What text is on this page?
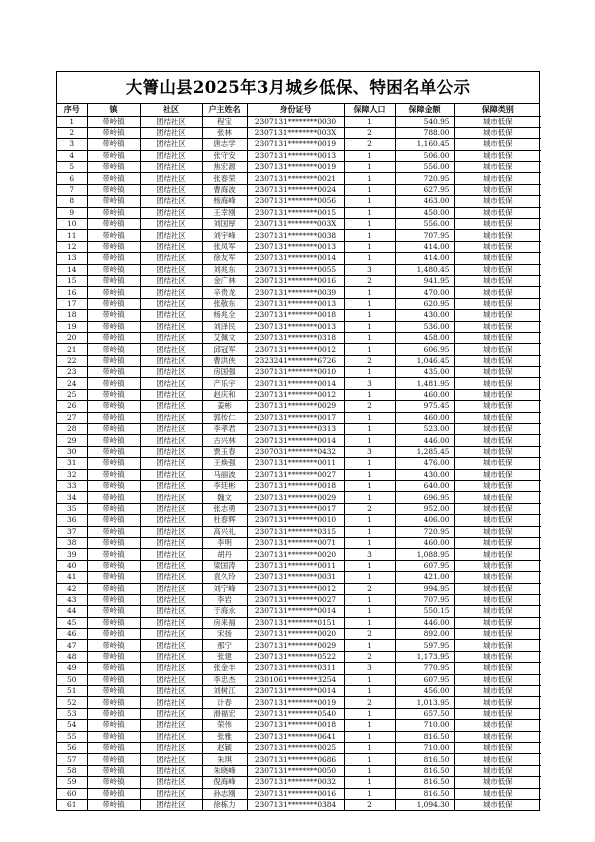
大箐山县2025年3月城乡低保、特困名单公示
序号	镇	社区	户主姓名	身份证号	保障人口	保障金额	保障类别
1	带岭镇	团结社区	程宝	2307131********0030	1	540.95	城市低保
2	带岭镇	团结社区	张林	2307131********003X	2	788.00	城市低保
3	带岭镇	团结社区	唐志学	2307131********0019	2	1,160.45	城市低保
4	带岭镇	团结社区	张守安	2307131********0013	1	506.00	城市低保
5	带岭镇	团结社区	焦宏源	2307131********0019	1	556.00	城市低保
6	带岭镇	团结社区	张春荣	2307131********0021	1	720.95	城市低保
7	带岭镇	团结社区	曹海波	2307131********0024	1	627.95	城市低保
8	带岭镇	团结社区	杨海峰	2307131********0056	1	463.00	城市低保
9	带岭镇	团结社区	王幸刚	2307131********0015	1	450.00	城市低保
10	带岭镇	团结社区	刘国厚	2307131********003X	1	556.00	城市低保
11	带岭镇	团结社区	刘宇峰	2307131********0038	1	707.95	城市低保
12	带岭镇	团结社区	张凤军	2307131********0013	1	414.00	城市低保
13	带岭镇	团结社区	徐友军	2307131********0014	1	414.00	城市低保
14	带岭镇	团结社区	刘兆东	2307131********0055	3	1,480.45	城市低保
15	带岭镇	团结社区	金广林	2307131********0016	2	941.95	城市低保
16	带岭镇	团结社区	辛贵龙	2307131********0039	1	470.00	城市低保
17	带岭镇	团结社区	张敬东	2307131********0013	1	620.95	城市低保
18	带岭镇	团结社区	杨兆全	2307131********0018	1	430.00	城市低保
19	带岭镇	团结社区	刘泽民	2307131********0013	1	536.00	城市低保
20	带岭镇	团结社区	艾佩文	2307131********0318	1	458.00	城市低保
21	带岭镇	团结社区	邱冠军	2307131********0012	1	606.95	城市低保
22	带岭镇	团结社区	曹洪侠	2323241********6726	2	1,046.45	城市低保
23	带岭镇	团结社区	房国强	2307131********0010	1	435.00	城市低保
24	带岭镇	团结社区	产乐宇	2307131********0014	3	1,481.95	城市低保
25	带岭镇	团结社区	赵庆和	2307131********0012	1	460.00	城市低保
26	带岭镇	团结社区	姜彬	2307131********0029	2	975.45	城市低保
27	带岭镇	团结社区	郭传仁	2307131********0017	1	460.00	城市低保
28	带岭镇	团结社区	李孝君	2307131********0313	1	523.00	城市低保
29	带岭镇	团结社区	古兴林	2307131********0014	1	446.00	城市低保
30	带岭镇	团结社区	贾玉春	2307031********0432	3	1,285.45	城市低保
31	带岭镇	团结社区	王焕强	2307131********0011	1	476.00	城市低保
32	带岭镇	团结社区	马丽波	2307131********0027	1	430.00	城市低保
33	带岭镇	团结社区	李廷彬	2307131********0018	1	640.00	城市低保
34	带岭镇	团结社区	魏文	2307131********0029	1	696.95	城市低保
35	带岭镇	团结社区	张志勇	2307131********0017	2	952.00	城市低保
36	带岭镇	团结社区	杜春辉	2307131********0010	1	406.00	城市低保
37	带岭镇	团结社区	高兴礼	2307131********0315	1	720.95	城市低保
38	带岭镇	团结社区	李明	2307131********0071	1	460.00	城市低保
39	带岭镇	团结社区	胡丹	2307131********0020	3	1,088.95	城市低保
40	带岭镇	团结社区	梁国涛	2307131********0011	1	607.95	城市低保
41	带岭镇	团结社区	袁久玲	2307131********0031	1	421.00	城市低保
42	带岭镇	团结社区	刘宁峰	2307131********0012	2	994.95	城市低保
43	带岭镇	团结社区	李岩	2307131********0027	1	707.95	城市低保
44	带岭镇	团结社区	于海永	2307131********0014	1	550.15	城市低保
45	带岭镇	团结社区	房来福	2307131********0151	1	446.00	城市低保
46	带岭镇	团结社区	宋扬	2307131********0020	2	892.00	城市低保
47	带岭镇	团结社区	那宁	2307131********0029	1	597.95	城市低保
48	带岭镇	团结社区	张建	2307131********0522	2	1,173.95	城市低保
49	带岭镇	团结社区	张金丰	2307131********0311	3	770.95	城市低保
50	带岭镇	团结社区	李忠杰	2301061********3254	1	607.95	城市低保
51	带岭镇	团结社区	刘树江	2307131********0014	1	456.00	城市低保
52	带岭镇	团结社区	计春	2307131********0019	2	1,013.95	城市低保
53	带岭镇	团结社区	滑福宏	2307131********0540	1	657.50	城市低保
54	带岭镇	团结社区	荣伟	2307131********0018	1	710.00	城市低保
55	带岭镇	团结社区	张雅	2307131********0641	1	816.50	城市低保
56	带岭镇	团结社区	赵颖	2307131********0025	1	710.00	城市低保
57	带岭镇	团结社区	朱琪	2307131********0686	1	816.50	城市低保
58	带岭镇	团结社区	朱晓峰	2307131********0050	1	816.50	城市低保
59	带岭镇	团结社区	倪海峰	2307131********0032	1	816.50	城市低保
60	带岭镇	团结社区	孙志刚	2307131********0016	1	816.50	城市低保
61	带岭镇	团结社区	徐栋力	2307131********0384	2	1,094.30	城市低保
